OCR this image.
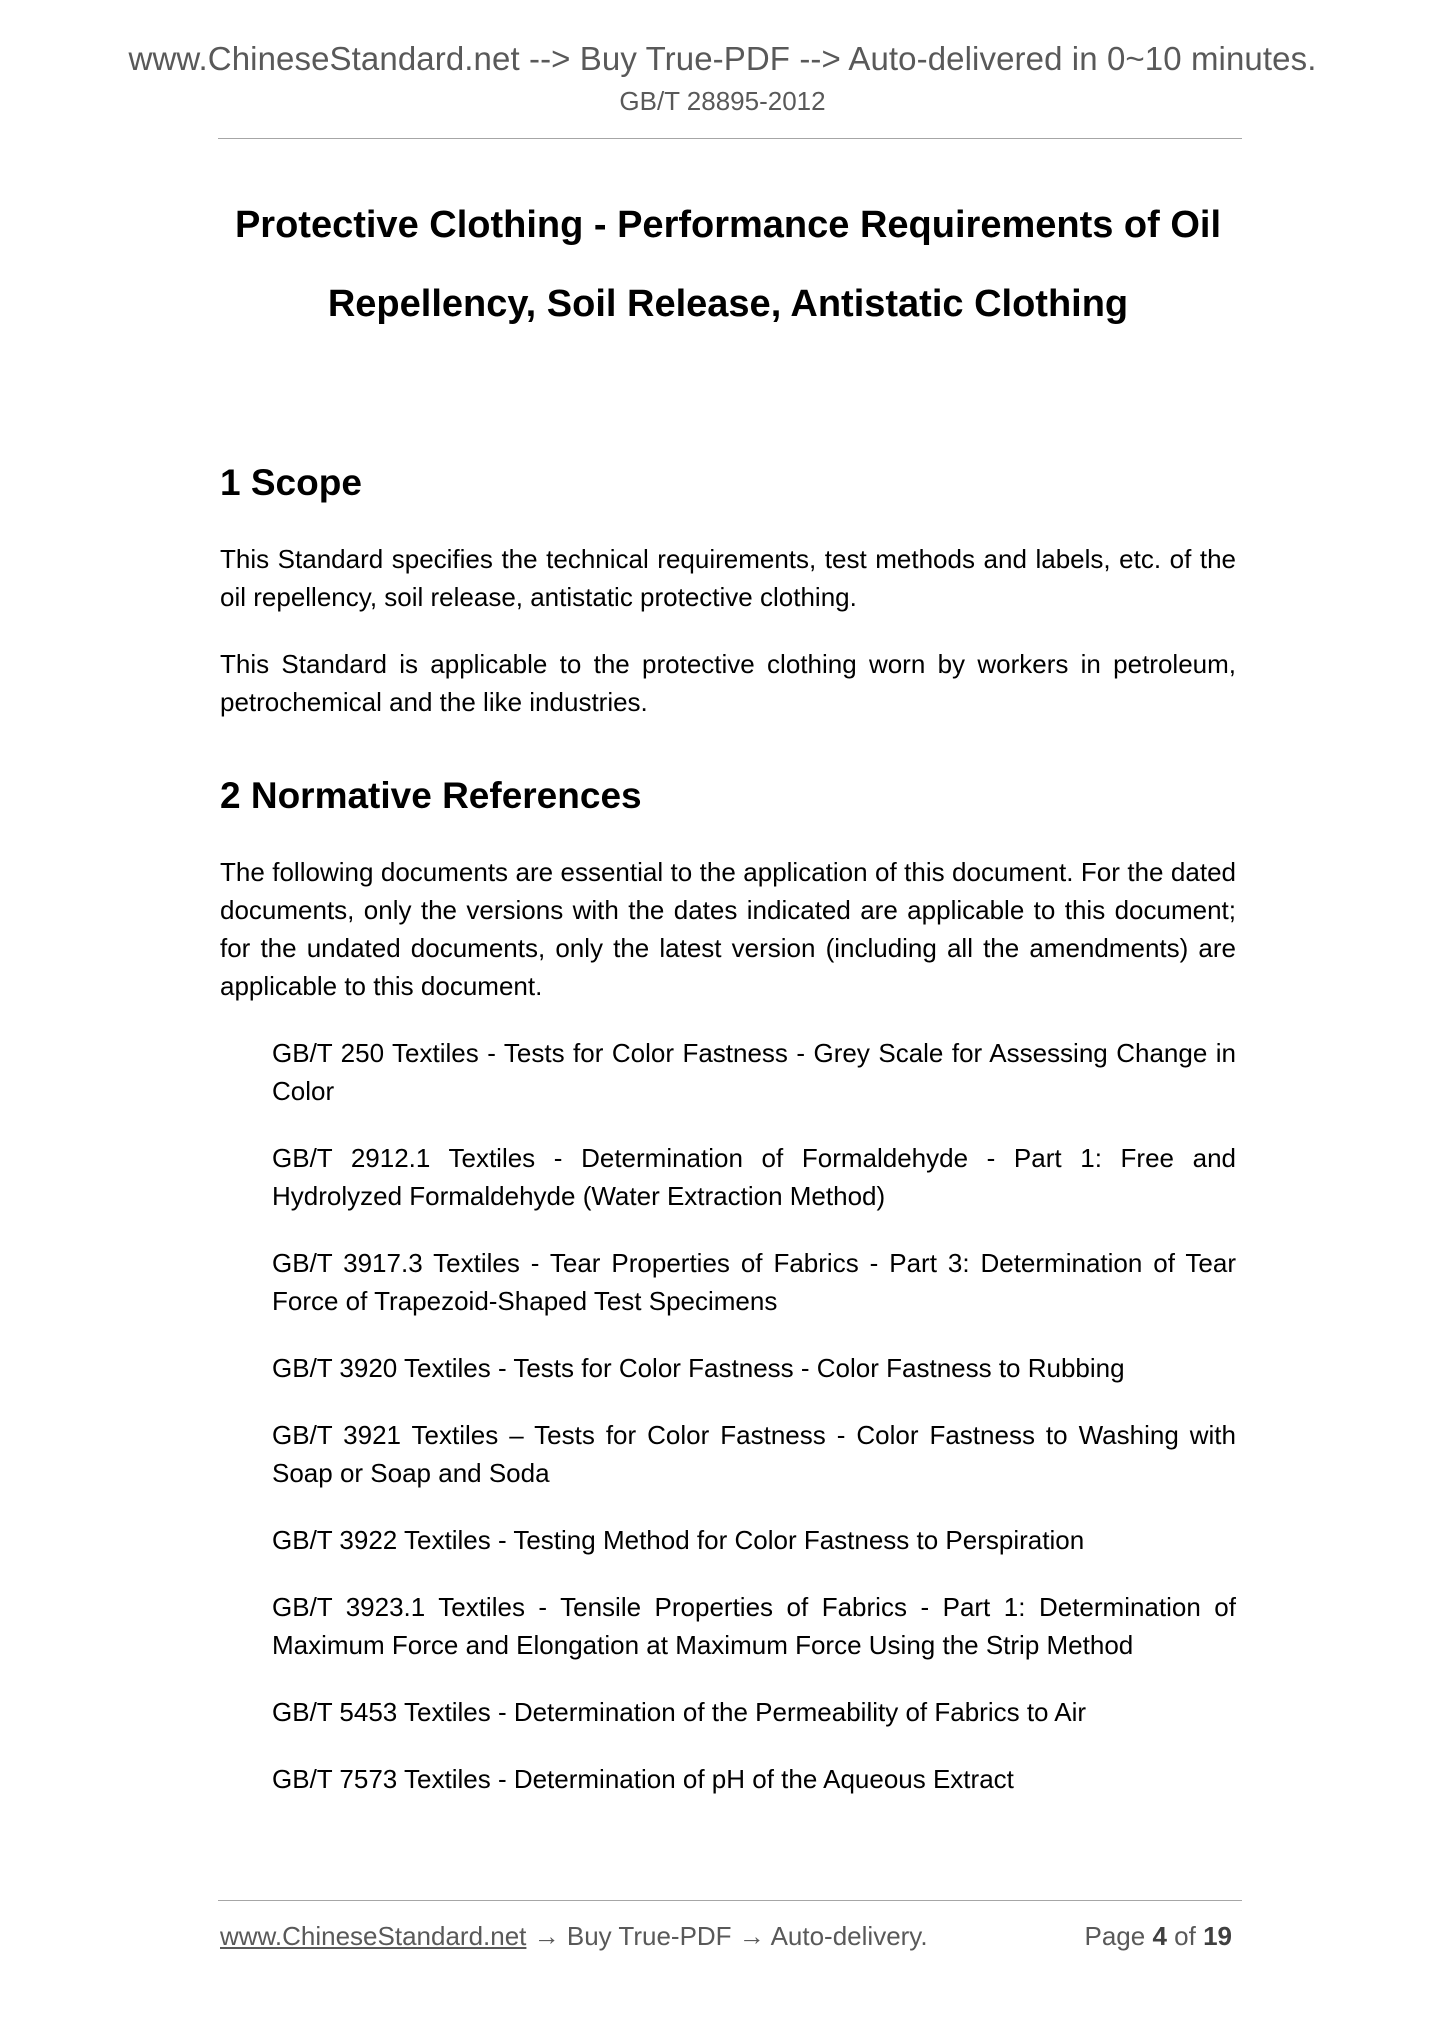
www.ChineseStandard.net --> Buy True-PDF --> Auto-delivered in 0~10 minutes.
GB/T 28895-2012
Protective Clothing - Performance Requirements of Oil
Repellency, Soil Release, Antistatic Clothing
1 Scope

This Standard specifies the technical requirements, test methods and labels, etc. of the oil repellency, soil release, antistatic protective clothing.

This Standard is applicable to the protective clothing worn by workers in petroleum, petrochemical and the like industries.

2 Normative References

The following documents are essential to the application of this document. For the dated documents, only the versions with the dates indicated are applicable to this document; for the undated documents, only the latest version (including all the amendments) are applicable to this document.

GB/T 250 Textiles - Tests for Color Fastness - Grey Scale for Assessing Change in Color

GB/T 2912.1 Textiles - Determination of Formaldehyde - Part 1: Free and Hydrolyzed Formaldehyde (Water Extraction Method)

GB/T 3917.3 Textiles - Tear Properties of Fabrics - Part 3: Determination of Tear Force of Trapezoid-Shaped Test Specimens

GB/T 3920 Textiles - Tests for Color Fastness - Color Fastness to Rubbing

GB/T 3921 Textiles – Tests for Color Fastness - Color Fastness to Washing with Soap or Soap and Soda

GB/T 3922 Textiles - Testing Method for Color Fastness to Perspiration

GB/T 3923.1 Textiles - Tensile Properties of Fabrics - Part 1: Determination of Maximum Force and Elongation at Maximum Force Using the Strip Method

GB/T 5453 Textiles - Determination of the Permeability of Fabrics to Air

GB/T 7573 Textiles - Determination of pH of the Aqueous Extract

www.ChineseStandard.net → Buy True-PDF → Auto-delivery.	Page 4 of 19
